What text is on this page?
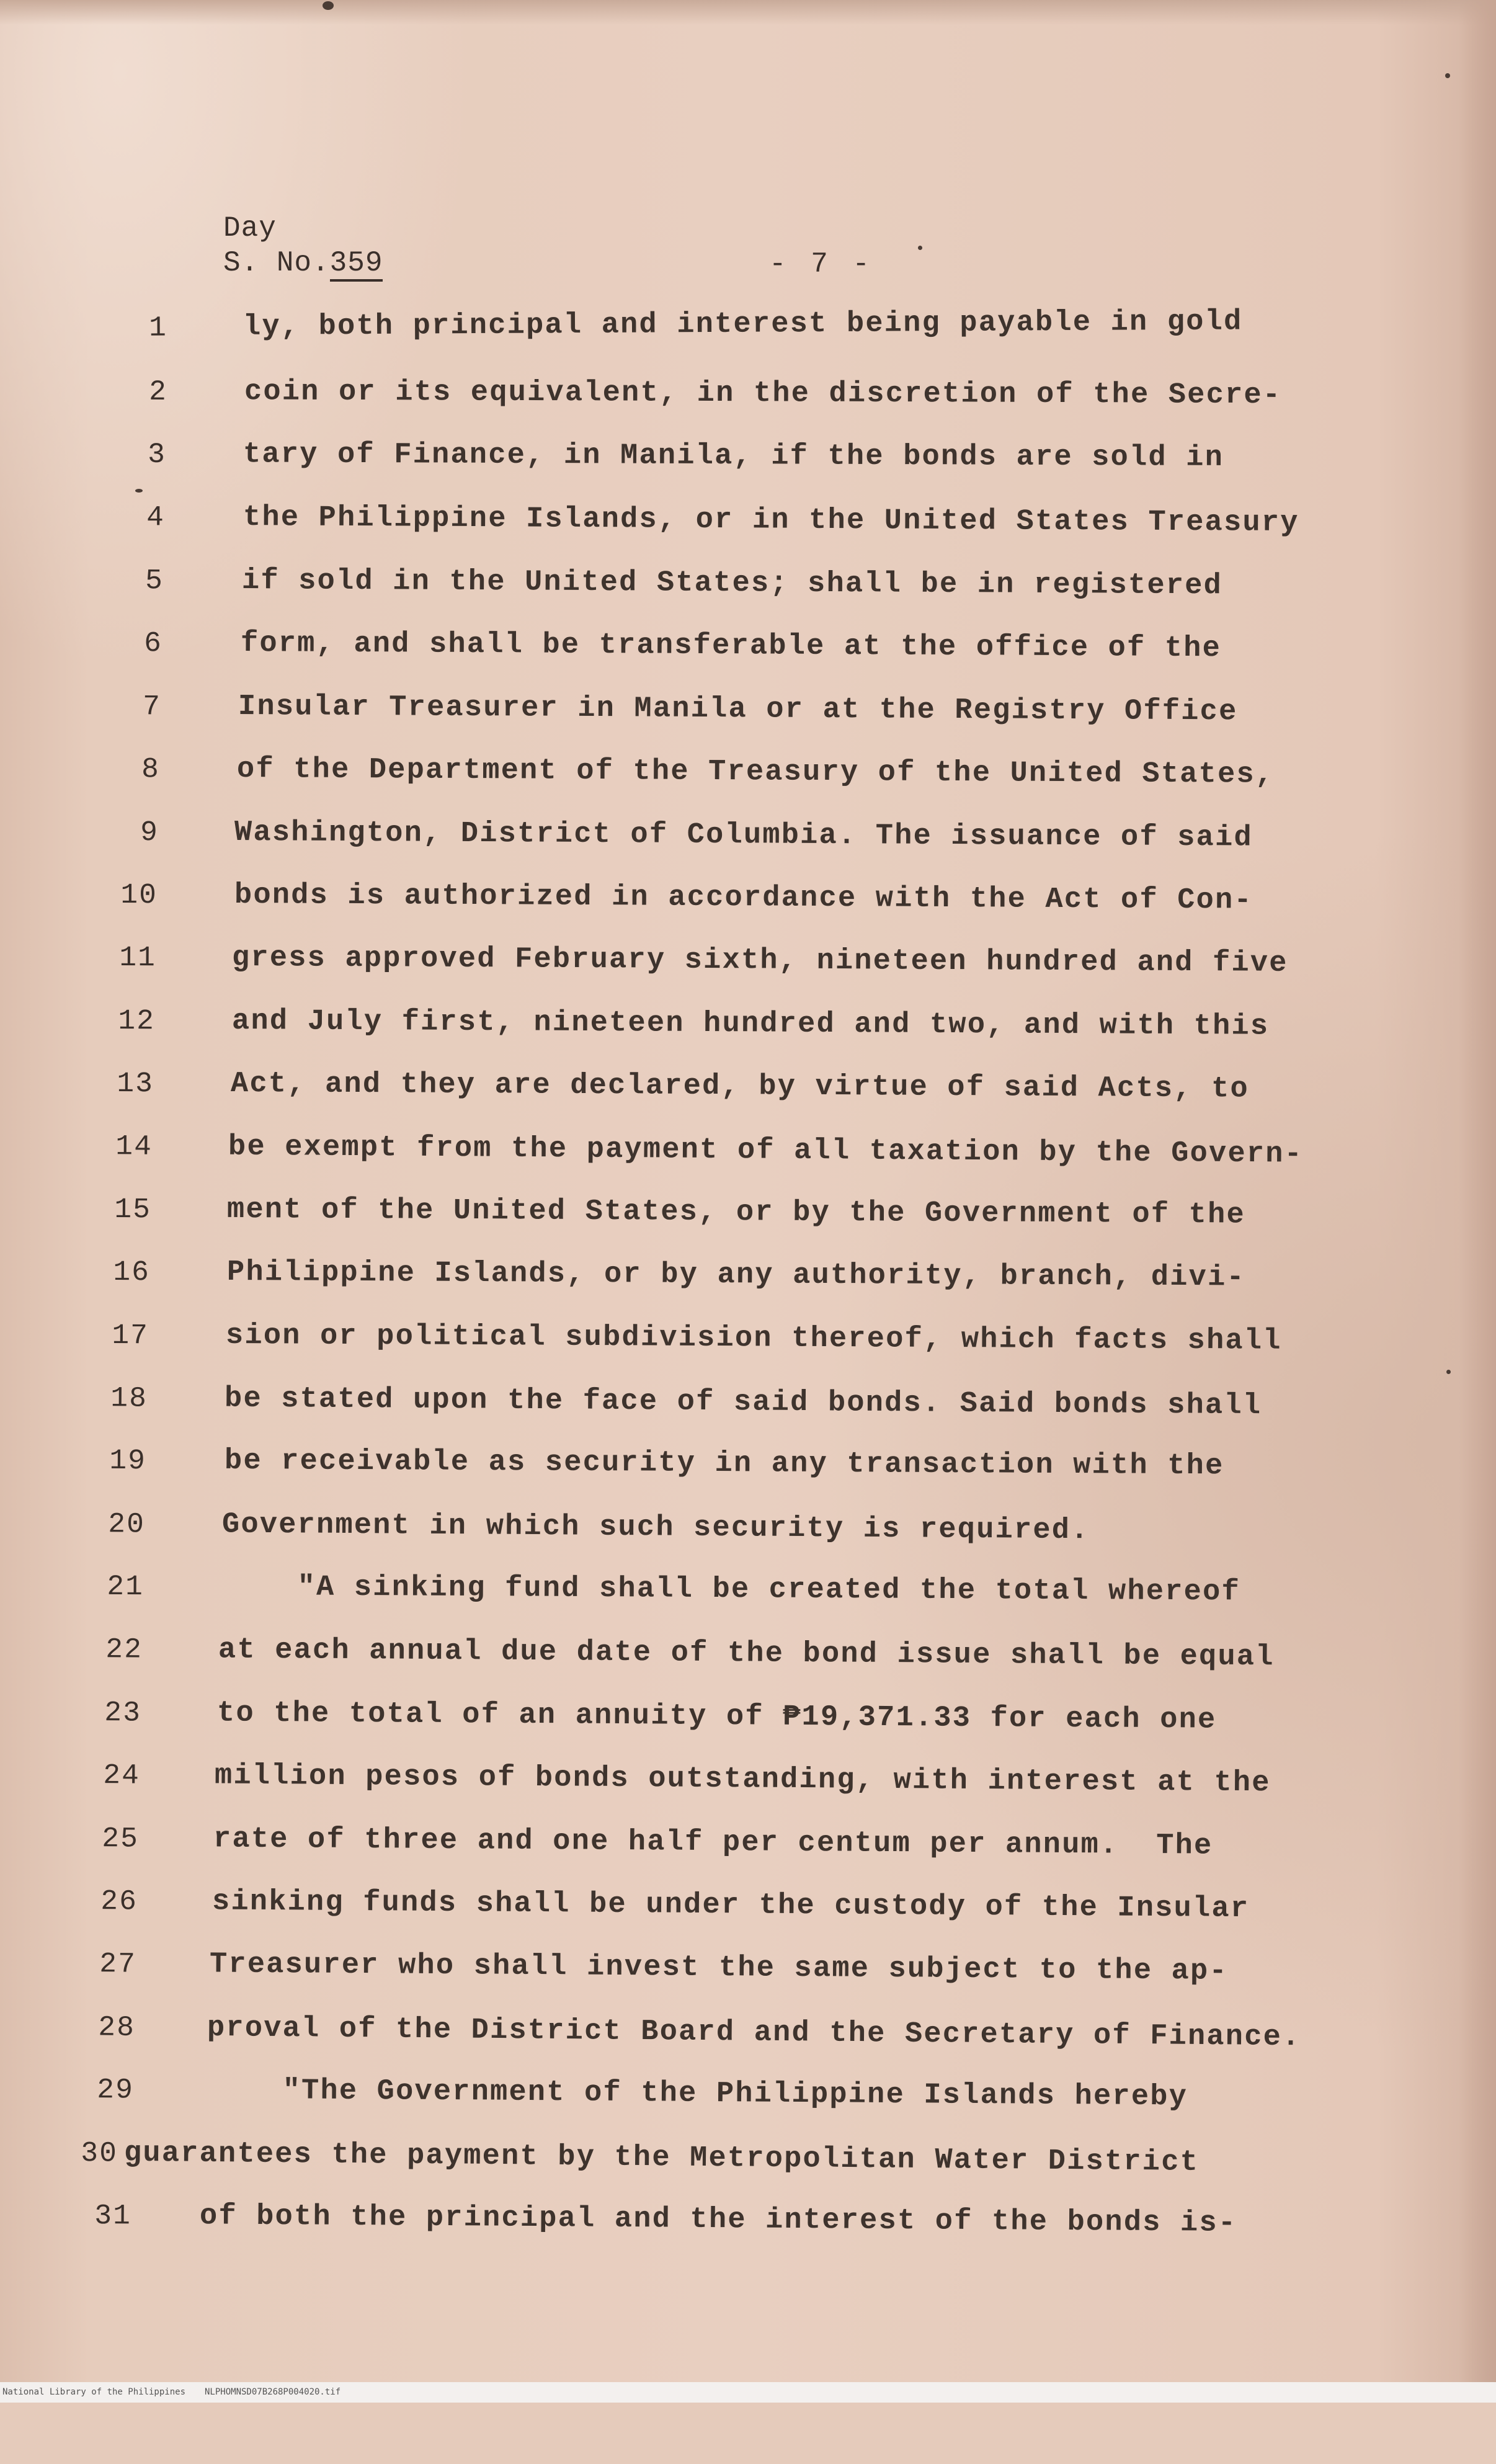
Day
S. No.359	- 7 -
1	ly, both principal and interest being payable in gold
2	coin or its equivalent, in the discretion of the Secre-
3	tary of Finance, in Manila, if the bonds are sold in
4	the Philippine Islands, or in the United States Treasury
5	if sold in the United States; shall be in registered
6	form, and shall be transferable at the office of the
7	Insular Treasurer in Manila or at the Registry Office
8	of the Department of the Treasury of the United States,
9	Washington, District of Columbia. The issuance of said
10	bonds is authorized in accordance with the Act of Con-
11	gress approved February sixth, nineteen hundred and five
12	and July first, nineteen hundred and two, and with this
13	Act, and they are declared, by virtue of said Acts, to
14	be exempt from the payment of all taxation by the Govern-
15	ment of the United States, or by the Government of the
16	Philippine Islands, or by any authority, branch, divi-
17	sion or political subdivision thereof, which facts shall
18	be stated upon the face of said bonds. Said bonds shall
19	be receivable as security in any transaction with the
20	Government in which such security is required.
21	"A sinking fund shall be created the total whereof
22	at each annual due date of the bond issue shall be equal
23	to the total of an annuity of ₱19,371.33 for each one
24	million pesos of bonds outstanding, with interest at the
25	rate of three and one half per centum per annum.  The
26	sinking funds shall be under the custody of the Insular
27	Treasurer who shall invest the same subject to the ap-
28 proval of the District Board and the Secretary of Finance.
29	"The Government of the Philippine Islands hereby
30 guarantees the payment by the Metropolitan Water District
31 of both the principal and the interest of the bonds is-

National Library of the Philippines

NLPHOMNSD07B268P004020.tif
